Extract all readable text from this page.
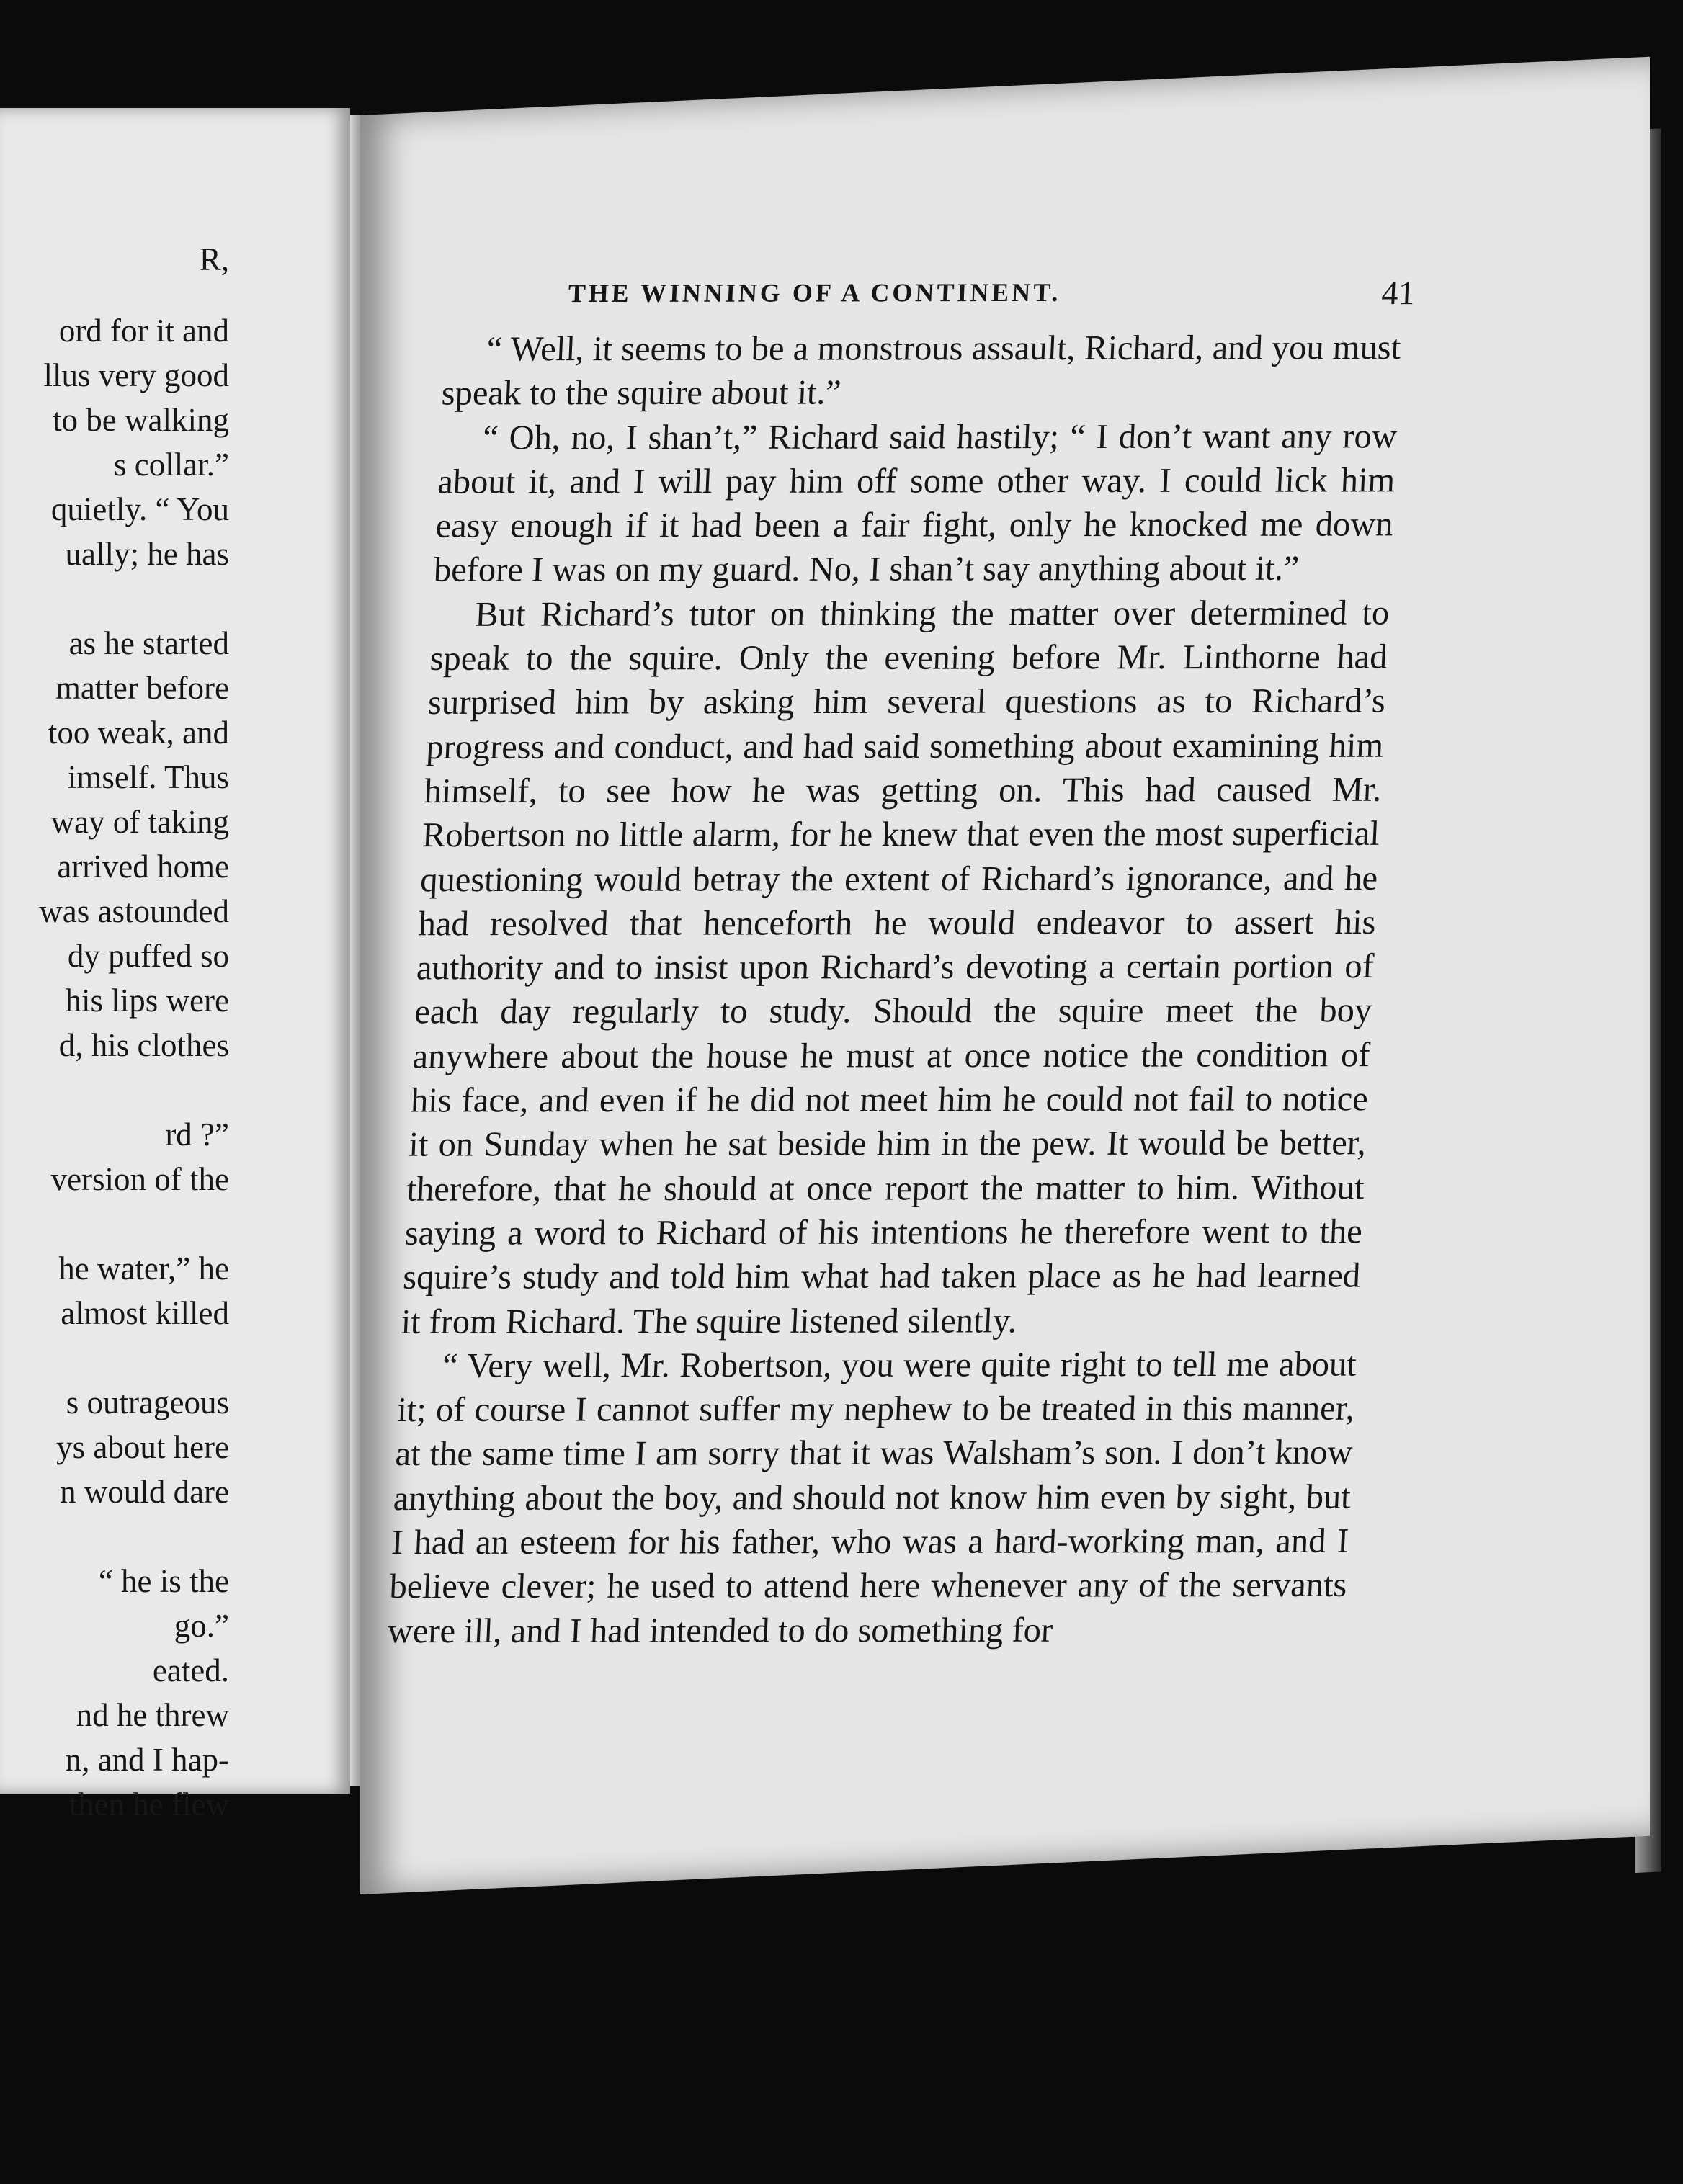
R,
ord for it and
llus very good
to be walking
s collar.”
quietly. “ You
ually; he has
as he started
matter before
too weak, and
imself. Thus
way of taking
arrived home
was astounded
dy puffed so
his lips were
d, his clothes
rd ?”
version of the
he water,” he
almost killed
s outrageous
ys about here
n would dare
“ he is the
go.”
eated.
nd he threw
n, and I hap-
then he flew
THE WINNING OF A CONTINENT.	41

“ Well, it seems to be a monstrous assault, Richard, and you must speak to the squire about it.”

“ Oh, no, I shan’t,” Richard said hastily; “ I don’t want any row about it, and I will pay him off some other way. I could lick him easy enough if it had been a fair fight, only he knocked me down before I was on my guard. No, I shan’t say anything about it.”

But Richard’s tutor on thinking the matter over determined to speak to the squire. Only the evening before Mr. Linthorne had surprised him by asking him several questions as to Richard’s progress and conduct, and had said something about examining him himself, to see how he was getting on. This had caused Mr. Robertson no little alarm, for he knew that even the most superficial questioning would betray the extent of Richard’s ignorance, and he had resolved that henceforth he would endeavor to assert his authority and to insist upon Richard’s devoting a certain portion of each day regularly to study. Should the squire meet the boy anywhere about the house he must at once notice the condition of his face, and even if he did not meet him he could not fail to notice it on Sunday when he sat beside him in the pew. It would be better, therefore, that he should at once report the matter to him. Without saying a word to Richard of his intentions he therefore went to the squire’s study and told him what had taken place as he had learned it from Richard. The squire listened silently.

“ Very well, Mr. Robertson, you were quite right to tell me about it; of course I cannot suffer my nephew to be treated in this manner, at the same time I am sorry that it was Walsham’s son. I don’t know anything about the boy, and should not know him even by sight, but I had an esteem for his father, who was a hard-working man, and I believe clever; he used to attend here whenever any of the servants were ill, and I had intended to do something for
